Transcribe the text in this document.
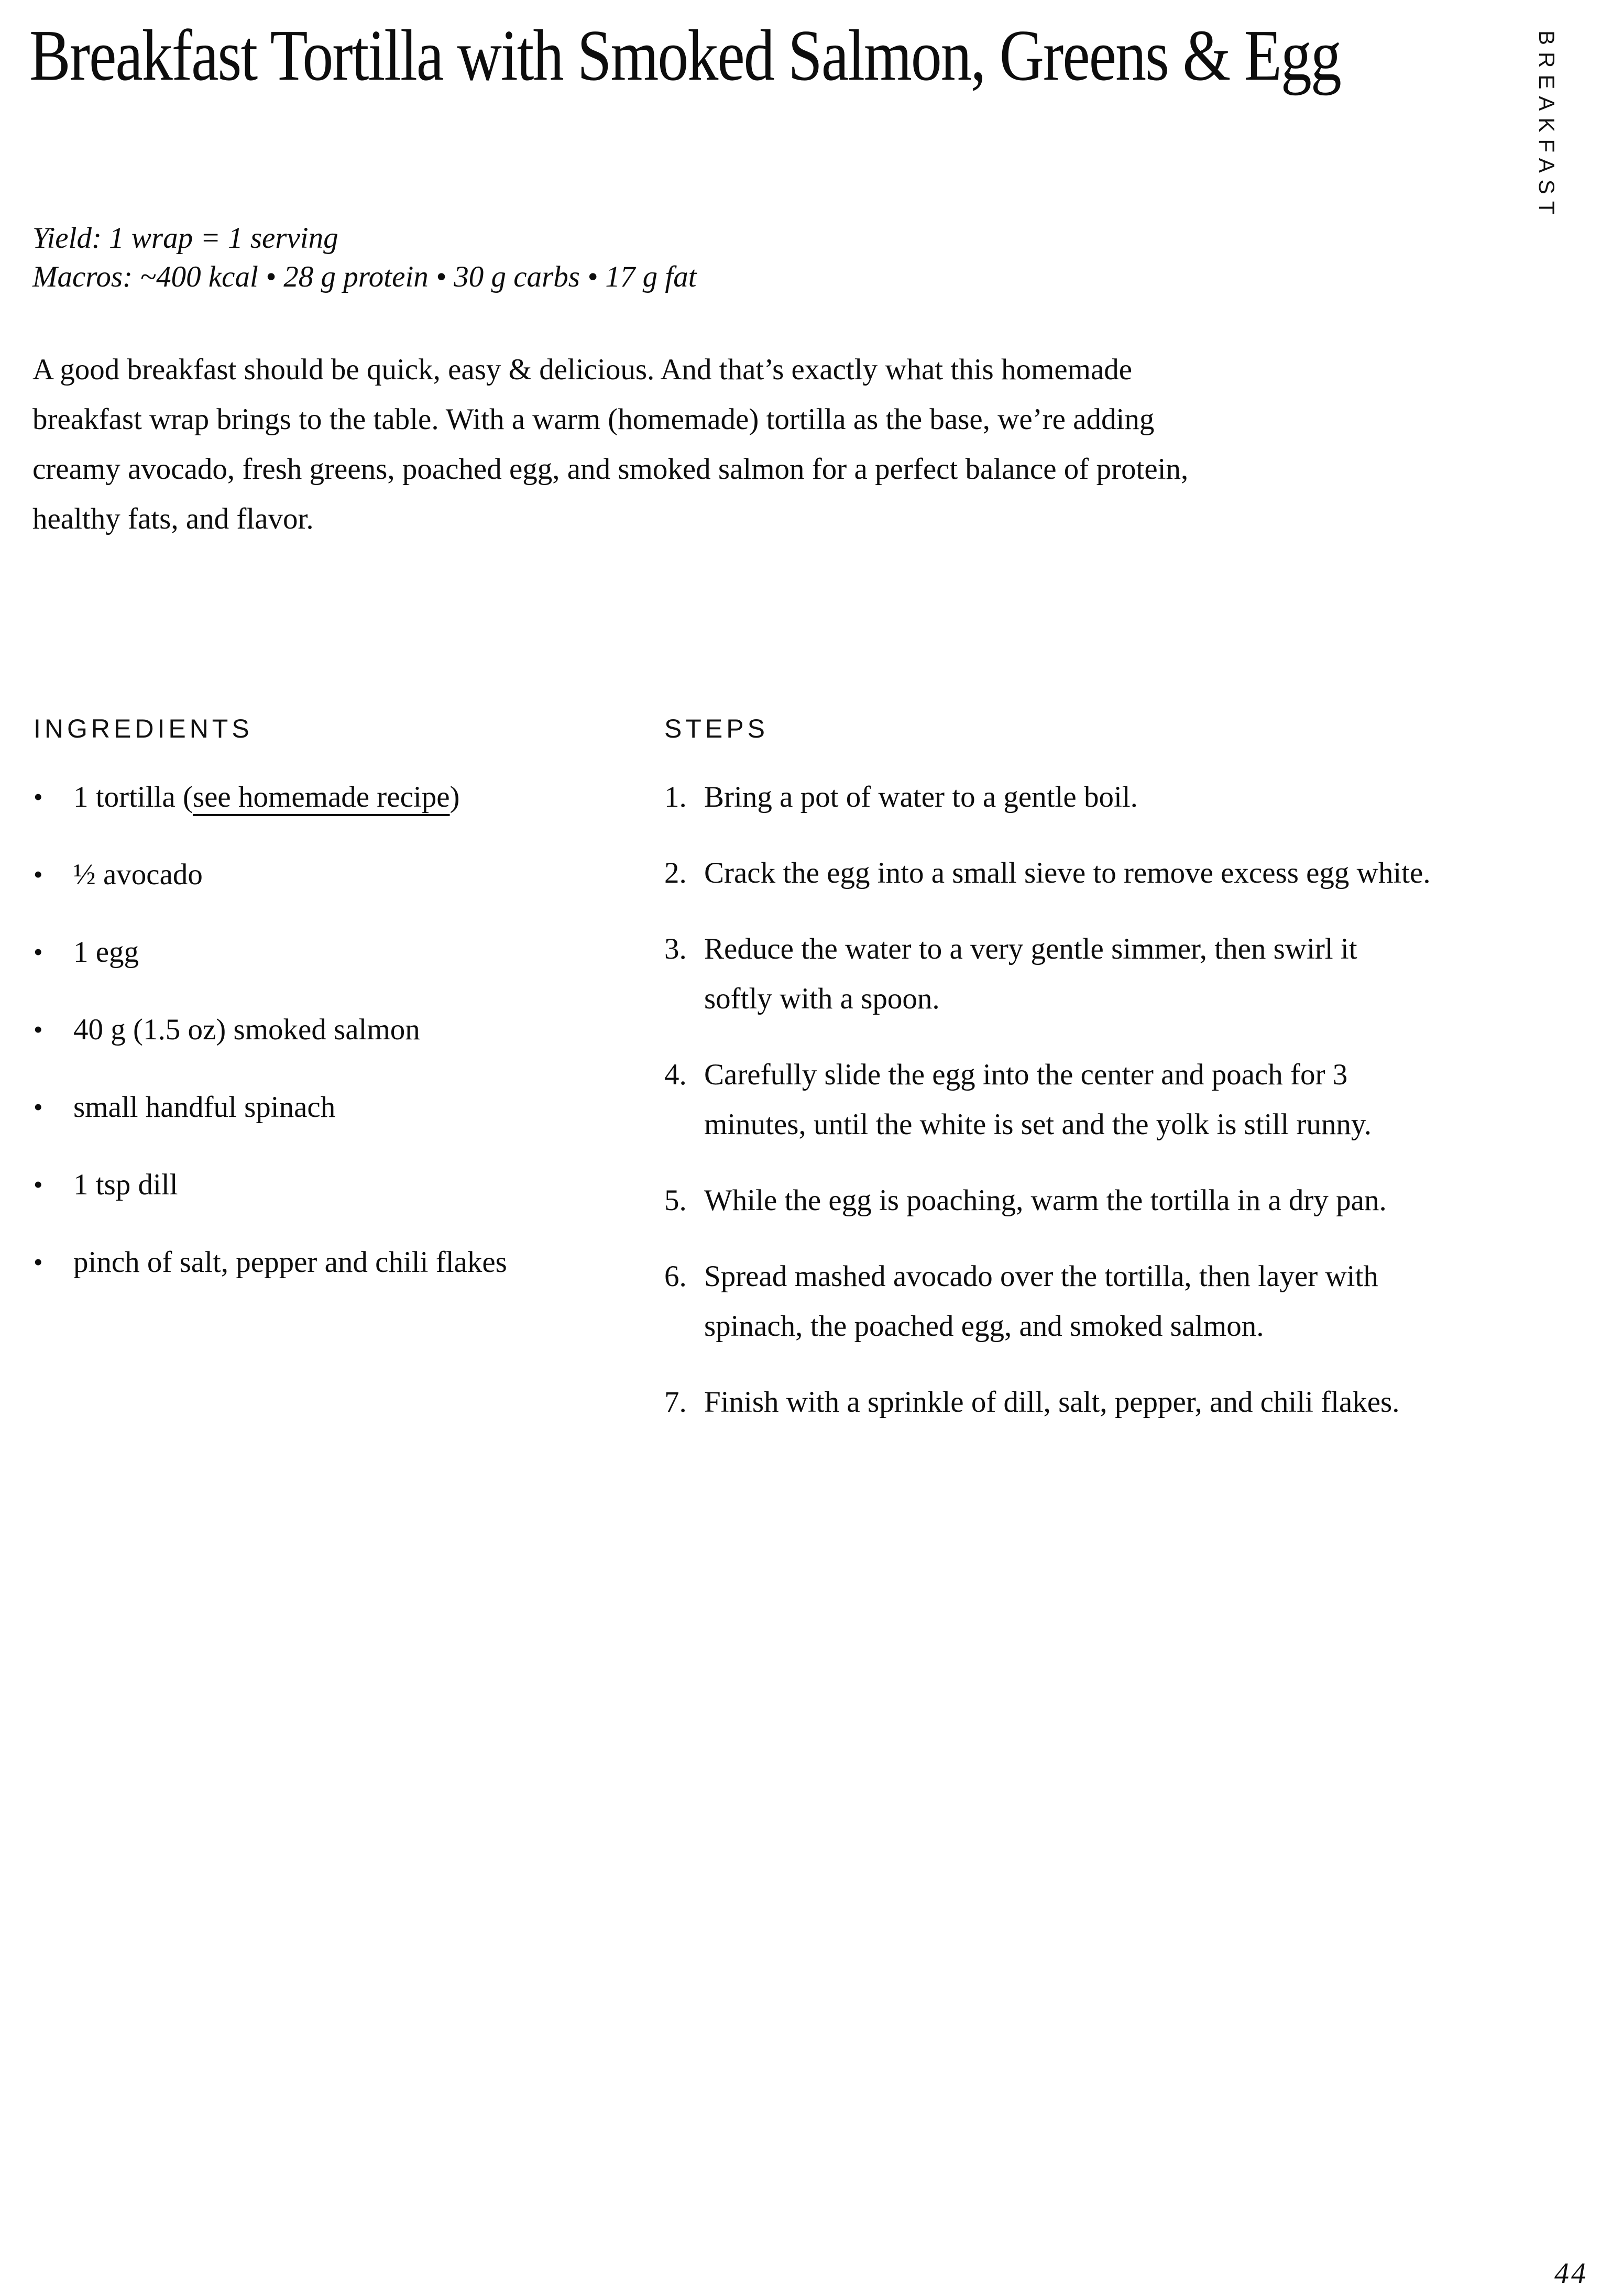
Breakfast Tortilla with Smoked Salmon, Greens & Egg	BREAKFAST
Yield: 1 wrap = 1 serving
Macros: ~400 kcal • 28 g protein • 30 g carbs • 17 g fat
A good breakfast should be quick, easy & delicious. And that’s exactly what this homemade
breakfast wrap brings to the table. With a warm (homemade) tortilla as the base, we’re adding
creamy avocado, fresh greens, poached egg, and smoked salmon for a perfect balance of protein,
healthy fats, and flavor.
INGREDIENTS
•	1 tortilla (see homemade recipe)
•	½ avocado
•	1 egg
•	40 g (1.5 oz) smoked salmon
•	small handful spinach
•	1 tsp dill
•	pinch of salt, pepper and chili flakes
STEPS
1. Bring a pot of water to a gentle boil.
2. Crack the egg into a small sieve to remove excess egg white.
3. Reduce the water to a very gentle simmer, then swirl it
softly with a spoon.
4. Carefully slide the egg into the center and poach for 3
minutes, until the white is set and the yolk is still runny.
5. While the egg is poaching, warm the tortilla in a dry pan.
6. Spread mashed avocado over the tortilla, then layer with
spinach, the poached egg, and smoked salmon.
7. Finish with a sprinkle of dill, salt, pepper, and chili flakes.
44
